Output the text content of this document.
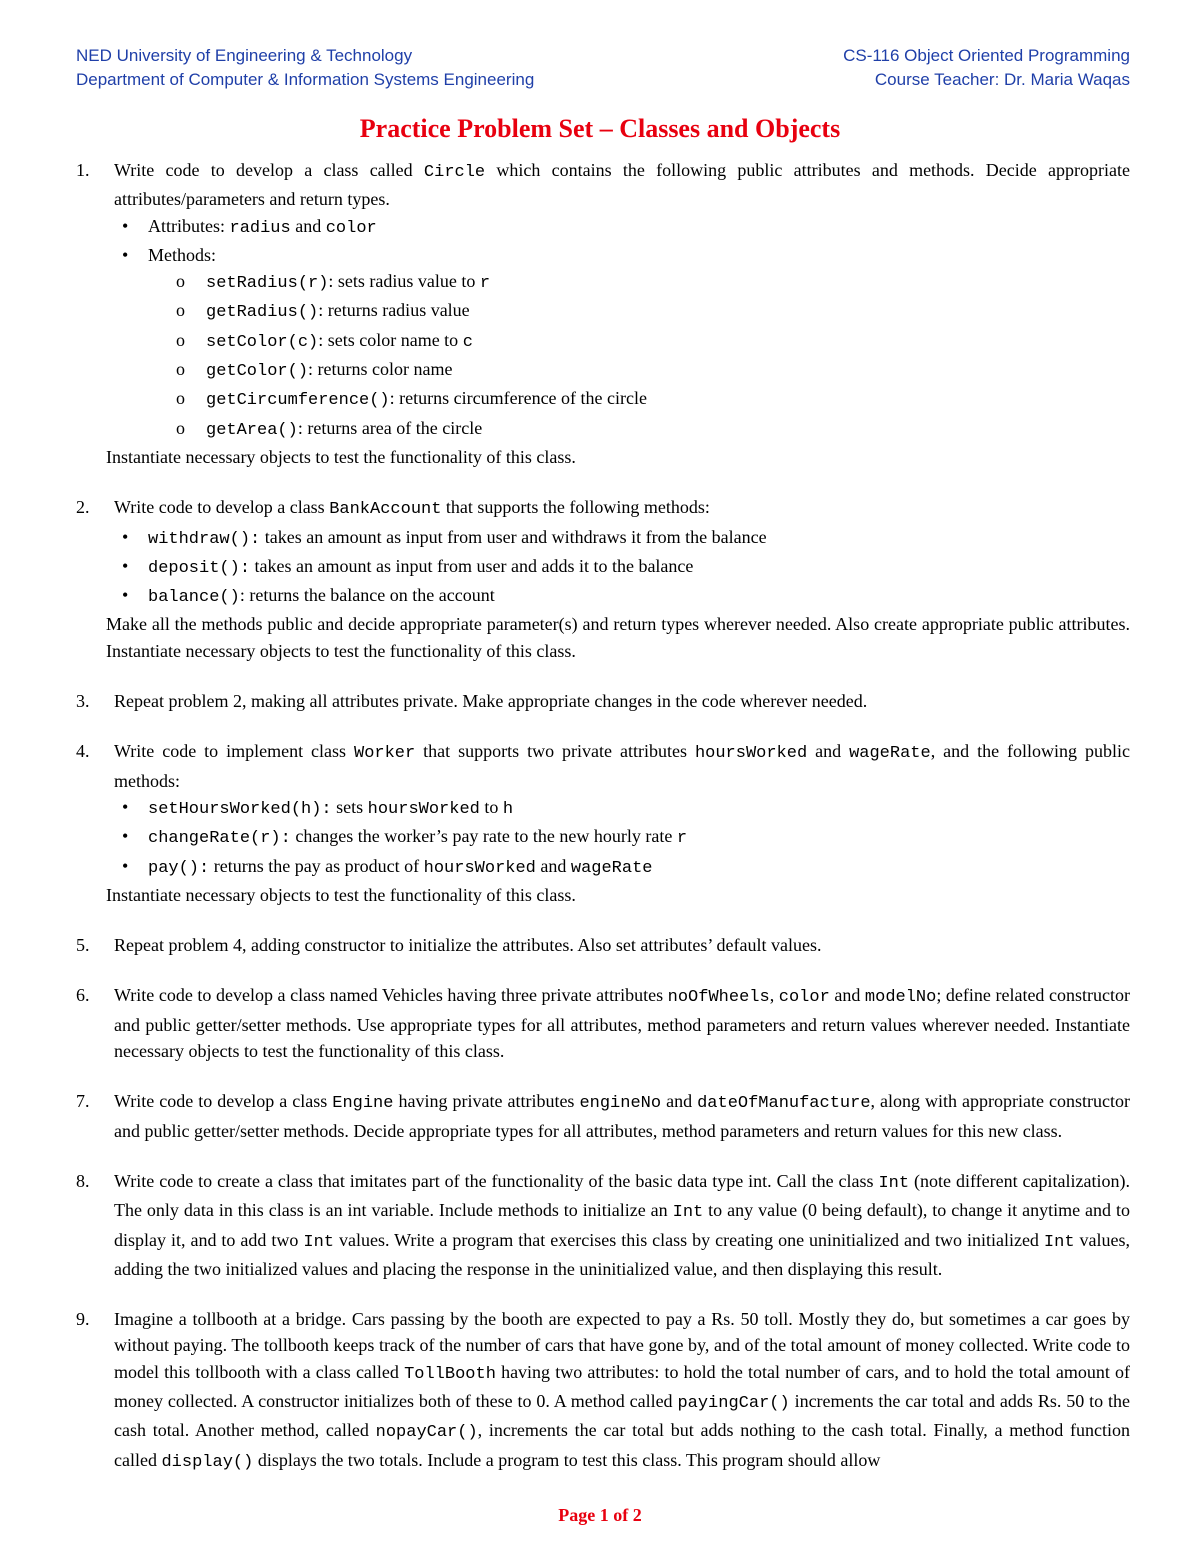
NED University of Engineering & Technology
Department of Computer & Information Systems Engineering
CS-116 Object Oriented Programming
Course Teacher: Dr. Maria Waqas
Practice Problem Set – Classes and Objects
1.	Write code to develop a class called Circle which contains the following public attributes and methods. Decide appropriate attributes/parameters and return types.
• Attributes: radius and color
• Methods:
o setRadius(r): sets radius value to r
o getRadius(): returns radius value
o setColor(c): sets color name to c
o getColor(): returns color name
o getCircumference(): returns circumference of the circle
o getArea(): returns area of the circle
Instantiate necessary objects to test the functionality of this class.
2.	Write code to develop a class BankAccount that supports the following methods:
• withdraw(): takes an amount as input from user and withdraws it from the balance
• deposit(): takes an amount as input from user and adds it to the balance
• balance(): returns the balance on the account
Make all the methods public and decide appropriate parameter(s) and return types wherever needed. Also create appropriate public attributes. Instantiate necessary objects to test the functionality of this class.
3.	Repeat problem 2, making all attributes private. Make appropriate changes in the code wherever needed.
4.	Write code to implement class Worker that supports two private attributes hoursWorked and wageRate, and the following public methods:
• setHoursWorked(h): sets hoursWorked to h
• changeRate(r): changes the worker’s pay rate to the new hourly rate r
• pay(): returns the pay as product of hoursWorked and wageRate
Instantiate necessary objects to test the functionality of this class.
5.	Repeat problem 4, adding constructor to initialize the attributes. Also set attributes’ default values.
6.	Write code to develop a class named Vehicles having three private attributes noOfWheels, color and modelNo; define related constructor and public getter/setter methods. Use appropriate types for all attributes, method parameters and return values wherever needed. Instantiate necessary objects to test the functionality of this class.
7.	Write code to develop a class Engine having private attributes engineNo and dateOfManufacture, along with appropriate constructor and public getter/setter methods. Decide appropriate types for all attributes, method parameters and return values for this new class.
8.	Write code to create a class that imitates part of the functionality of the basic data type int. Call the class Int (note different capitalization). The only data in this class is an int variable. Include methods to initialize an Int to any value (0 being default), to change it anytime and to display it, and to add two Int values. Write a program that exercises this class by creating one uninitialized and two initialized Int values, adding the two initialized values and placing the response in the uninitialized value, and then displaying this result.
9.	Imagine a tollbooth at a bridge. Cars passing by the booth are expected to pay a Rs. 50 toll. Mostly they do, but sometimes a car goes by without paying. The tollbooth keeps track of the number of cars that have gone by, and of the total amount of money collected. Write code to model this tollbooth with a class called TollBooth having two attributes: to hold the total number of cars, and to hold the total amount of money collected. A constructor initializes both of these to 0. A method called payingCar() increments the car total and adds Rs. 50 to the cash total. Another method, called nopayCar(), increments the car total but adds nothing to the cash total. Finally, a method function called display() displays the two totals. Include a program to test this class. This program should allow
Page 1 of 2
